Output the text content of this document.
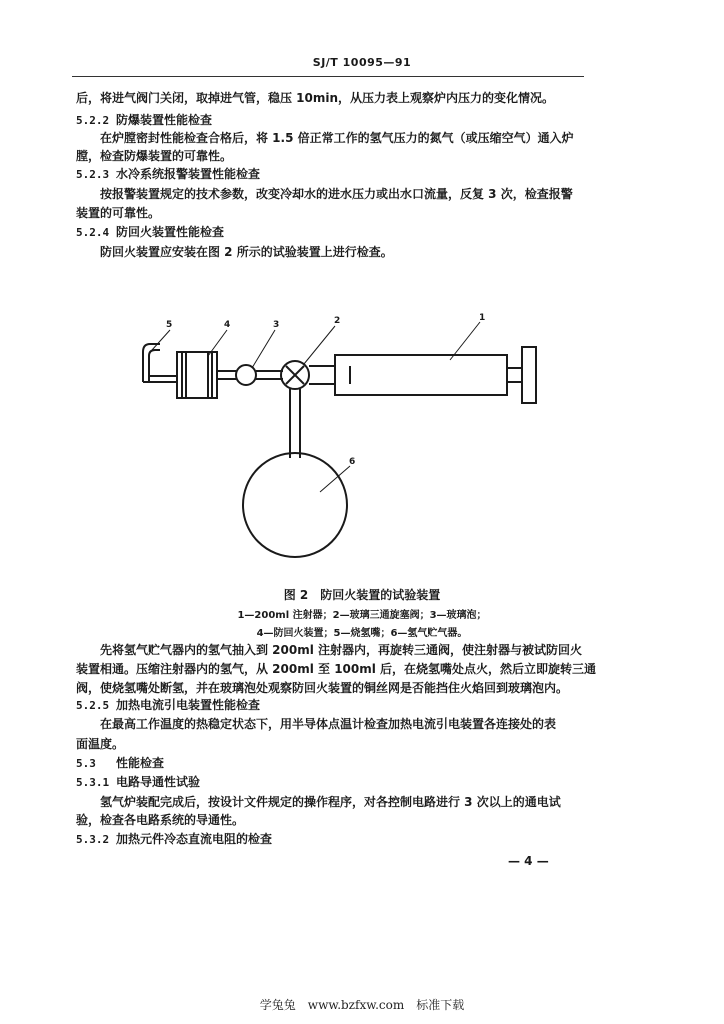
SJ/T 10095—91
后，将进气阀门关闭，取掉进气管，稳压 10min，从压力表上观察炉内压力的变化情况。
5.2.2 防爆装置性能检查
在炉膛密封性能检查合格后，将 1.5 倍正常工作的氢气压力的氮气（或压缩空气）通入炉
膛，检查防爆装置的可靠性。
5.2.3 水冷系统报警装置性能检查
按报警装置规定的技术参数，改变冷却水的进水压力或出水口流量，反复 3 次，检查报警
装置的可靠性。
5.2.4 防回火装置性能检查
防回火装置应安装在图 2 所示的试验装置上进行检查。
5	4	3	2	1
6
图 2　防回火装置的试验装置
1—200ml 注射器；2—玻璃三通旋塞阀；3—玻璃泡；
4—防回火装置；5—烧氢嘴；6—氢气贮气器。
先将氢气贮气器内的氢气抽入到 200ml 注射器内，再旋转三通阀，使注射器与被试防回火
装置相通。压缩注射器内的氢气，从 200ml 至 100ml 后，在烧氢嘴处点火，然后立即旋转三通
阀，使烧氢嘴处断氢，并在玻璃泡处观察防回火装置的铜丝网是否能挡住火焰回到玻璃泡内。
5.2.5 加热电流引电装置性能检查
在最高工作温度的热稳定状态下，用半导体点温计检查加热电流引电装置各连接处的表
面温度。
5.3 性能检查
5.3.1 电路导通性试验
氢气炉装配完成后，按设计文件规定的操作程序，对各控制电路进行 3 次以上的通电试
验，检查各电路系统的导通性。
5.3.2 加热元件冷态直流电阻的检查
— 4 —
学兔兔　www.bzfxw.com　标准下载
